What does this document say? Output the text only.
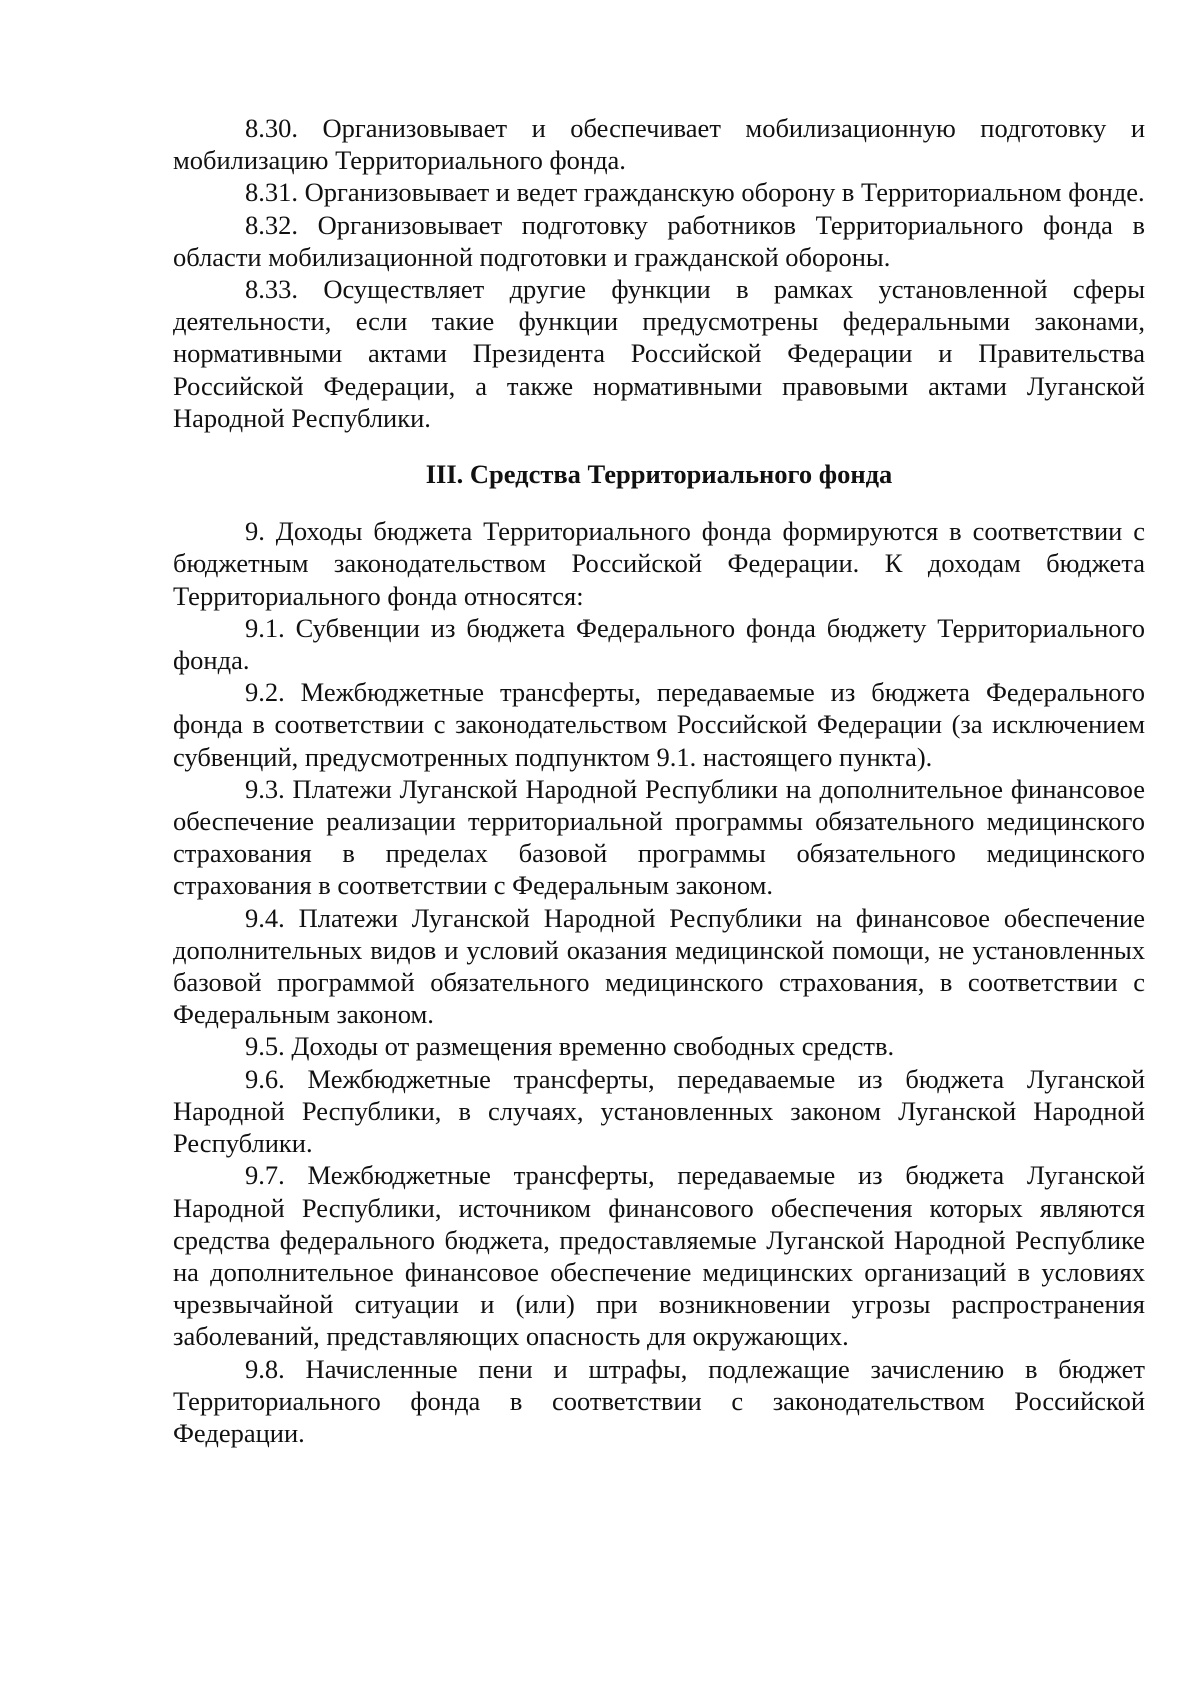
8.30. Организовывает и обеспечивает мобилизационную подготовку и мобилизацию Территориального фонда.

8.31. Организовывает и ведет гражданскую оборону в Территориальном фонде.

8.32. Организовывает подготовку работников Территориального фонда в области мобилизационной подготовки и гражданской обороны.

8.33. Осуществляет другие функции в рамках установленной сферы деятельности, если такие функции предусмотрены федеральными законами, нормативными актами Президента Российской Федерации и Правительства Российской Федерации, а также нормативными правовыми актами Луганской Народной Республики.

III. Средства Территориального фонда

9. Доходы бюджета Территориального фонда формируются в соответствии с бюджетным законодательством Российской Федерации. К доходам бюджета Территориального фонда относятся:

9.1. Субвенции из бюджета Федерального фонда бюджету Территориального фонда.

9.2. Межбюджетные трансферты, передаваемые из бюджета Федерального фонда в соответствии с законодательством Российской Федерации (за исключением субвенций, предусмотренных подпунктом 9.1. настоящего пункта).

9.3. Платежи Луганской Народной Республики на дополнительное финансовое обеспечение реализации территориальной программы обязательного медицинского страхования в пределах базовой программы обязательного медицинского страхования в соответствии с Федеральным законом.

9.4. Платежи Луганской Народной Республики на финансовое обеспечение дополнительных видов и условий оказания медицинской помощи, не установленных базовой программой обязательного медицинского страхования, в соответствии с Федеральным законом.

9.5. Доходы от размещения временно свободных средств.

9.6. Межбюджетные трансферты, передаваемые из бюджета Луганской Народной Республики, в случаях, установленных законом Луганской Народной Республики.

9.7. Межбюджетные трансферты, передаваемые из бюджета Луганской Народной Республики, источником финансового обеспечения которых являются средства федерального бюджета, предоставляемые Луганской Народной Республике на дополнительное финансовое обеспечение медицинских организаций в условиях чрезвычайной ситуации и (или) при возникновении угрозы распространения заболеваний, представляющих опасность для окружающих.

9.8. Начисленные пени и штрафы, подлежащие зачислению в бюджет Территориального фонда в соответствии с законодательством Российской Федерации.
